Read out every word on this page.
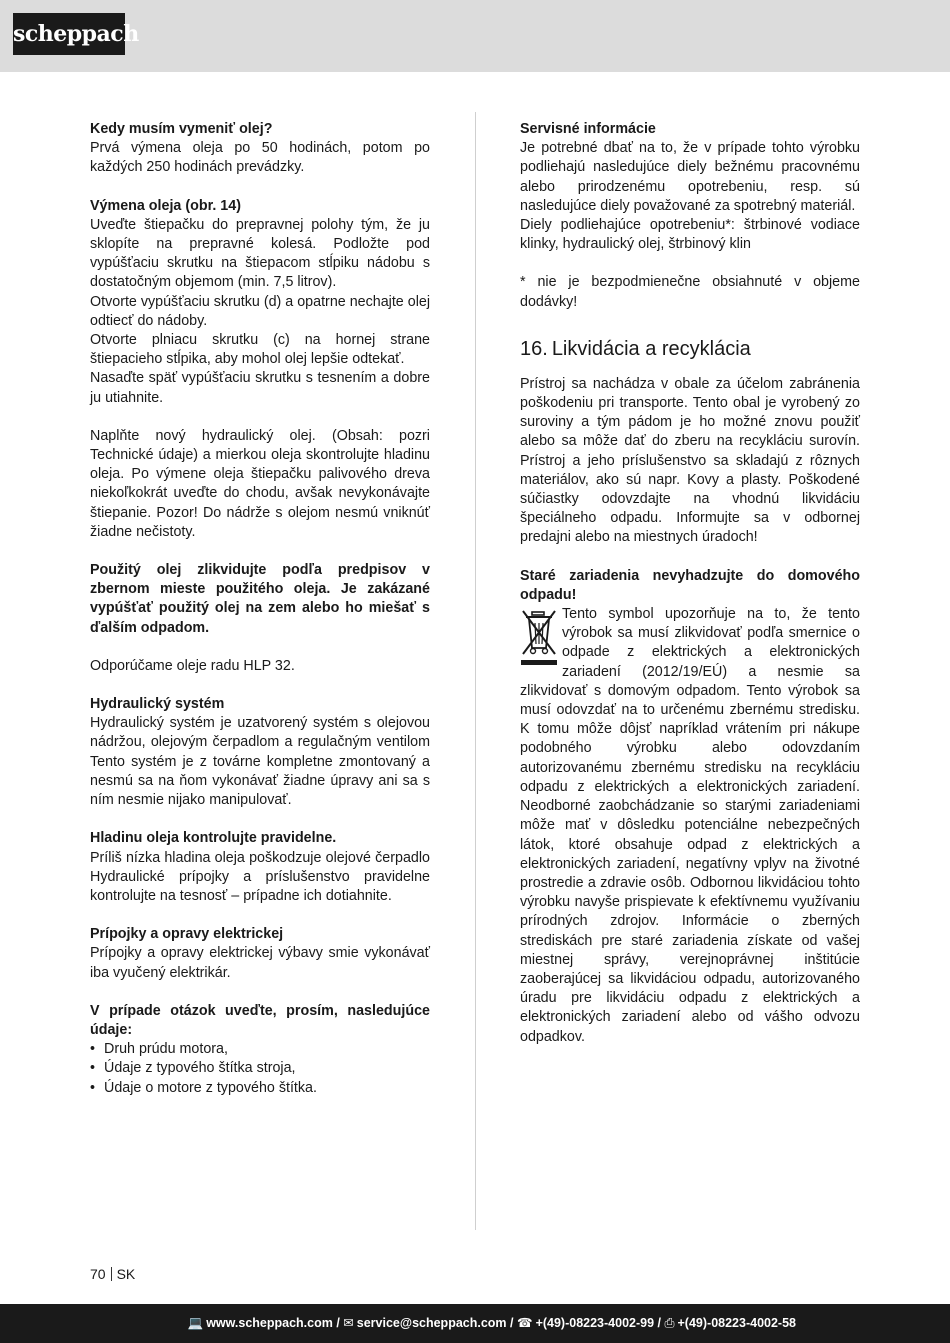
scheppach

Kedy musím vymeniť olej?

Prvá výmena oleja po 50 hodinách, potom po každých 250 hodinách prevádzky.

Výmena oleja (obr. 14)

Uveďte štiepačku do prepravnej polohy tým, že ju sklopíte na prepravné kolesá. Podložte pod vypúšťaciu skrutku na štiepacom stĺpiku nádobu s dostatočným objemom (min. 7,5 litrov).

Otvorte vypúšťaciu skrutku (d) a opatrne nechajte olej odtiecť do nádoby.

Otvorte plniacu skrutku (c) na hornej strane štiepacieho stĺpika, aby mohol olej lepšie odtekať.

Nasaďte späť vypúšťaciu skrutku s tesnením a dobre ju utiahnite.

Naplňte nový hydraulický olej. (Obsah: pozri Technické údaje) a mierkou oleja skontrolujte hladinu oleja. Po výmene oleja štiepačku palivového dreva niekoľkokrát uveďte do chodu, avšak nevykonávajte štiepanie. Pozor! Do nádrže s olejom nesmú vniknúť žiadne nečistoty.

Použitý olej zlikvidujte podľa predpisov v zbernom mieste použitého oleja. Je zakázané vypúšťať použitý olej na zem alebo ho miešať s ďalším odpadom.

Odporúčame oleje radu HLP 32.

Hydraulický systém

Hydraulický systém je uzatvorený systém s olejovou nádržou, olejovým čerpadlom a regulačným ventilom Tento systém je z továrne kompletne zmontovaný a nesmú sa na ňom vykonávať žiadne úpravy ani sa s ním nesmie nijako manipulovať.

Hladinu oleja kontrolujte pravidelne.

Príliš nízka hladina oleja poškodzuje olejové čerpadlo Hydraulické prípojky a príslušenstvo pravidelne kontrolujte na tesnosť – prípadne ich dotiahnite.

Prípojky a opravy elektrickej

Prípojky a opravy elektrickej výbavy smie vykonávať iba vyučený elektrikár.

V prípade otázok uveďte, prosím, nasledujúce údaje:

• Druh prúdu motora,
• Údaje z typového štítka stroja,
• Údaje o motore z typového štítka.

Servisné informácie

Je potrebné dbať na to, že v prípade tohto výrobku podliehajú nasledujúce diely bežnému pracovnému alebo prirodzenému opotrebeniu, resp. sú nasledujúce diely považované za spotrebný materiál.

Diely podliehajúce opotrebeniu*: štrbinové vodiace klinky, hydraulický olej, štrbinový klin

* nie je bezpodmienečne obsiahnuté v objeme dodávky!

16. Likvidácia a recyklácia

Prístroj sa nachádza v obale za účelom zabránenia poškodeniu pri transporte. Tento obal je vyrobený zo suroviny a tým pádom je ho možné znovu použiť alebo sa môže dať do zberu na recykláciu surovín. Prístroj a jeho príslušenstvo sa skladajú z rôznych materiálov, ako sú napr. Kovy a plasty. Poškodené súčiastky odovzdajte na vhodnú likvidáciu špeciálneho odpadu. Informujte sa v odbornej predajni alebo na miestnych úradoch!

Staré zariadenia nevyhadzujte do domového odpadu!

Tento symbol upozorňuje na to, že tento výrobok sa musí zlikvidovať podľa smernice o odpade z elektrických a elektronických zariadení (2012/19/EÚ) a nesmie sa zlikvidovať s domovým odpadom. Tento výrobok sa musí odovzdať na to určenému zbernému stredisku. K tomu môže dôjsť napríklad vrátením pri nákupe podobného výrobku alebo odovzdaním autorizovanému zbernému stredisku na recykláciu odpadu z elektrických a elektronických zariadení. Neodborné zaobchádzanie so starými zariadeniami môže mať v dôsledku potenciálne nebezpečných látok, ktoré obsahuje odpad z elektrických a elektronických zariadení, negatívny vplyv na životné prostredie a zdravie osôb. Odbornou likvidáciou tohto výrobku navyše prispievate k efektívnemu využívaniu prírodných zdrojov. Informácie o zberných strediskách pre staré zariadenia získate od vašej miestnej správy, verejnoprávnej inštitúcie zaoberajúcej sa likvidáciou odpadu, autorizovaného úradu pre likvidáciu odpadu z elektrických a elektronických zariadení alebo od vášho odvozu odpadkov.

70 SK
💻 www.scheppach.com / ✉ service@scheppach.com / ☎ +(49)-08223-4002-99 / ⎙ +(49)-08223-4002-58
